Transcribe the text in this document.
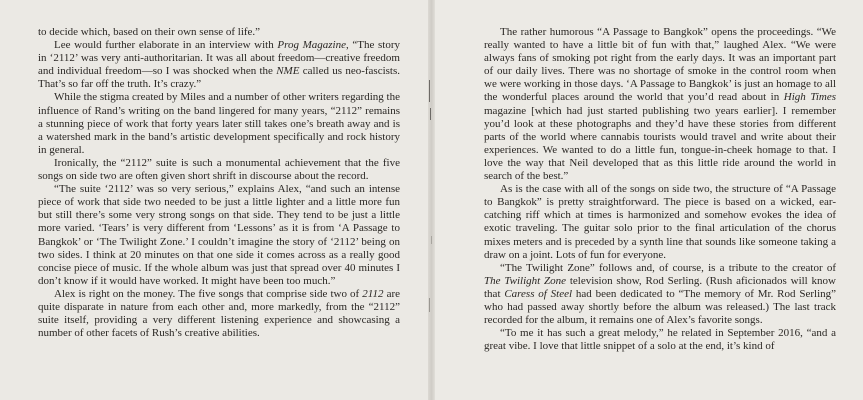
to decide which, based on their own sense of life.”

Lee would further elaborate in an interview with Prog Magazine, “The story in ‘2112’ was very anti-authoritarian. It was all about freedom—creative freedom and individual freedom—so I was shocked when the NME called us neo-fascists. That’s so far off the truth. It’s crazy.”

While the stigma created by Miles and a number of other writers regarding the influence of Rand’s writing on the band lingered for many years, “2112” remains a stunning piece of work that forty years later still takes one’s breath away and is a watershed mark in the band’s artistic development specifically and rock history in general.

Ironically, the “2112” suite is such a monumental achievement that the five songs on side two are often given short shrift in discourse about the record.

“The suite ‘2112’ was so very serious,” explains Alex, “and such an intense piece of work that side two needed to be just a little lighter and a little more fun but still there’s some very strong songs on that side. They tend to be just a little more varied. ‘Tears’ is very different from ‘Lessons’ as it is from ‘A Passage to Bangkok’ or ‘The Twilight Zone.’ I couldn’t imagine the story of ‘2112’ being on two sides. I think at 20 minutes on that one side it comes across as a really good concise piece of music. If the whole album was just that spread over 40 minutes I don’t know if it would have worked. It might have been too much.”

Alex is right on the money. The five songs that comprise side two of 2112 are quite disparate in nature from each other and, more markedly, from the “2112” suite itself, providing a very different listening experience and showcasing a number of other facets of Rush’s creative abilities.

The rather humorous “A Passage to Bangkok” opens the proceedings. “We really wanted to have a little bit of fun with that,” laughed Alex. “We were always fans of smoking pot right from the early days. It was an important part of our daily lives. There was no shortage of smoke in the control room when we were working in those days. ‘A Passage to Bangkok’ is just an homage to all the wonderful places around the world that you’d read about in High Times magazine [which had just started publishing two years earlier]. I remember you’d look at these photographs and they’d have these stories from different parts of the world where cannabis tourists would travel and write about their experiences. We wanted to do a little fun, tongue-in-cheek homage to that. I love the way that Neil developed that as this little ride around the world in search of the best.”

As is the case with all of the songs on side two, the structure of “A Passage to Bangkok” is pretty straightforward. The piece is based on a wicked, ear-catching riff which at times is harmonized and somehow evokes the idea of exotic traveling. The guitar solo prior to the final articulation of the chorus mixes meters and is preceded by a synth line that sounds like someone taking a draw on a joint. Lots of fun for everyone.

“The Twilight Zone” follows and, of course, is a tribute to the creator of The Twilight Zone television show, Rod Serling. (Rush aficionados will know that Caress of Steel had been dedicated to “The memory of Mr. Rod Serling” who had passed away shortly before the album was released.) The last track recorded for the album, it remains one of Alex’s favorite songs.

“To me it has such a great melody,” he related in September 2016, “and a great vibe. I love that little snippet of a solo at the end, it’s kind of
